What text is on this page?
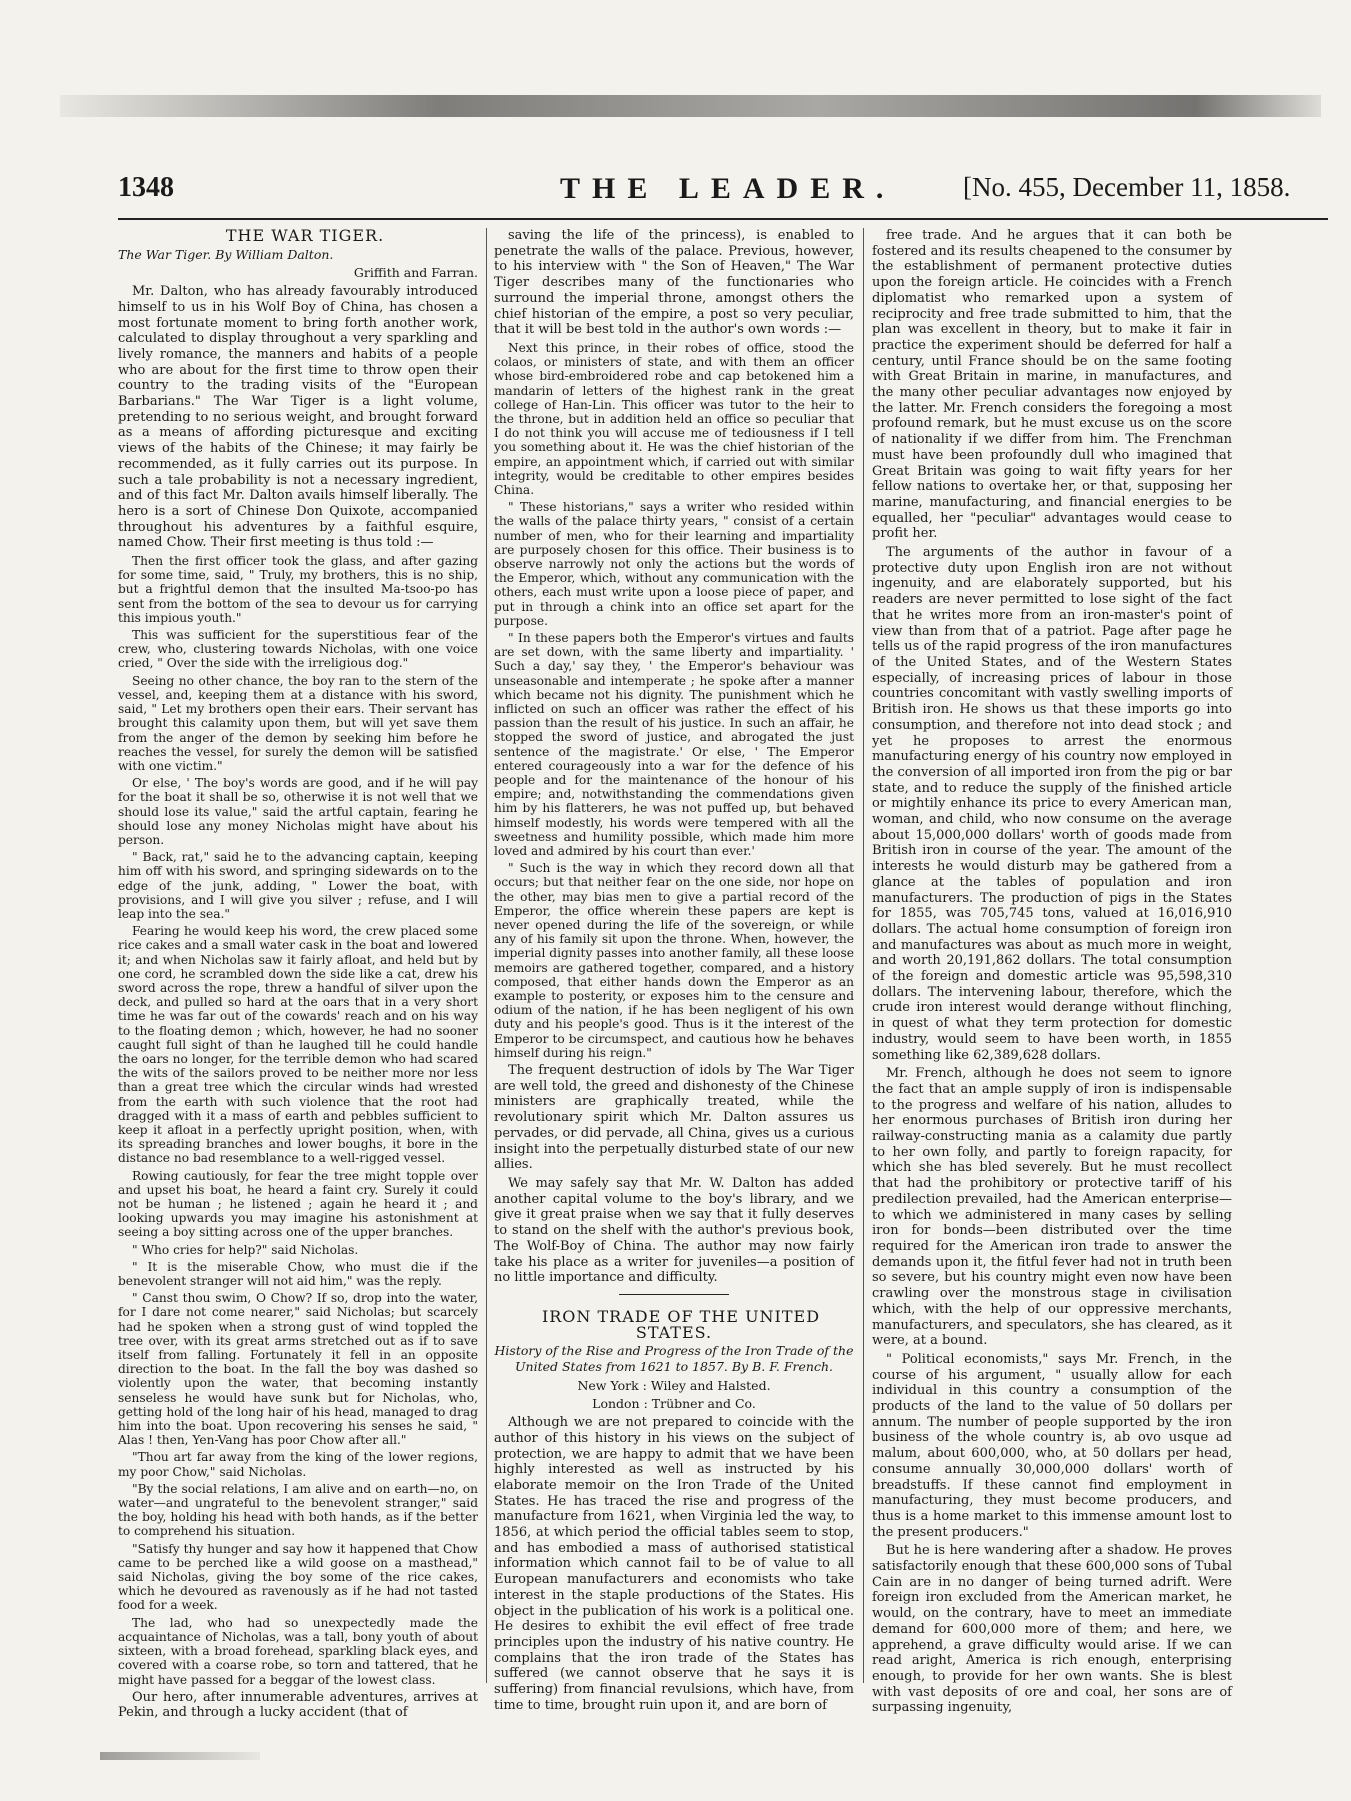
1348	THE LEADER.	[No. 455, December 11, 1858.

THE WAR TIGER.

The War Tiger. By William Dalton.

Griffith and Farran.

Mr. Dalton, who has already favourably introduced himself to us in his Wolf Boy of China, has chosen a most fortunate moment to bring forth another work, calculated to display throughout a very sparkling and lively romance, the manners and habits of a people who are about for the first time to throw open their country to the trading visits of the "European Barbarians." The War Tiger is a light volume, pretending to no serious weight, and brought forward as a means of affording picturesque and exciting views of the habits of the Chinese; it may fairly be recommended, as it fully carries out its purpose. In such a tale probability is not a necessary ingredient, and of this fact Mr. Dalton avails himself liberally. The hero is a sort of Chinese Don Quixote, accompanied throughout his adventures by a faithful esquire, named Chow. Their first meeting is thus told :—

Then the first officer took the glass, and after gazing for some time, said, " Truly, my brothers, this is no ship, but a frightful demon that the insulted Ma-tsoo-po has sent from the bottom of the sea to devour us for carrying this impious youth."

This was sufficient for the superstitious fear of the crew, who, clustering towards Nicholas, with one voice cried, " Over the side with the irreligious dog."

Seeing no other chance, the boy ran to the stern of the vessel, and, keeping them at a distance with his sword, said, " Let my brothers open their ears. Their servant has brought this calamity upon them, but will yet save them from the anger of the demon by seeking him before he reaches the vessel, for surely the demon will be satisfied with one victim."

Or else, ' The boy's words are good, and if he will pay for the boat it shall be so, otherwise it is not well that we should lose its value," said the artful captain, fearing he should lose any money Nicholas might have about his person.

" Back, rat," said he to the advancing captain, keeping him off with his sword, and springing sidewards on to the edge of the junk, adding, " Lower the boat, with provisions, and I will give you silver ; refuse, and I will leap into the sea."

Fearing he would keep his word, the crew placed some rice cakes and a small water cask in the boat and lowered it; and when Nicholas saw it fairly afloat, and held but by one cord, he scrambled down the side like a cat, drew his sword across the rope, threw a handful of silver upon the deck, and pulled so hard at the oars that in a very short time he was far out of the cowards' reach and on his way to the floating demon ; which, however, he had no sooner caught full sight of than he laughed till he could handle the oars no longer, for the terrible demon who had scared the wits of the sailors proved to be neither more nor less than a great tree which the circular winds had wrested from the earth with such violence that the root had dragged with it a mass of earth and pebbles sufficient to keep it afloat in a perfectly upright position, when, with its spreading branches and lower boughs, it bore in the distance no bad resemblance to a well-rigged vessel.

Rowing cautiously, for fear the tree might topple over and upset his boat, he heard a faint cry. Surely it could not be human ; he listened ; again he heard it ; and looking upwards you may imagine his astonishment at seeing a boy sitting across one of the upper branches.

" Who cries for help?" said Nicholas.

" It is the miserable Chow, who must die if the benevolent stranger will not aid him," was the reply.

" Canst thou swim, O Chow? If so, drop into the water, for I dare not come nearer," said Nicholas; but scarcely had he spoken when a strong gust of wind toppled the tree over, with its great arms stretched out as if to save itself from falling. Fortunately it fell in an opposite direction to the boat. In the fall the boy was dashed so violently upon the water, that becoming instantly senseless he would have sunk but for Nicholas, who, getting hold of the long hair of his head, managed to drag him into the boat. Upon recovering his senses he said, " Alas ! then, Yen-Vang has poor Chow after all."

"Thou art far away from the king of the lower regions, my poor Chow," said Nicholas.

"By the social relations, I am alive and on earth—no, on water—and ungrateful to the benevolent stranger," said the boy, holding his head with both hands, as if the better to comprehend his situation.

"Satisfy thy hunger and say how it happened that Chow came to be perched like a wild goose on a masthead," said Nicholas, giving the boy some of the rice cakes, which he devoured as ravenously as if he had not tasted food for a week.

The lad, who had so unexpectedly made the acquaintance of Nicholas, was a tall, bony youth of about sixteen, with a broad forehead, sparkling black eyes, and covered with a coarse robe, so torn and tattered, that he might have passed for a beggar of the lowest class.

Our hero, after innumerable adventures, arrives at Pekin, and through a lucky accident (that of

saving the life of the princess), is enabled to penetrate the walls of the palace. Previous, however, to his interview with " the Son of Heaven," The War Tiger describes many of the functionaries who surround the imperial throne, amongst others the chief historian of the empire, a post so very peculiar, that it will be best told in the author's own words :—

Next this prince, in their robes of office, stood the colaos, or ministers of state, and with them an officer whose bird-embroidered robe and cap betokened him a mandarin of letters of the highest rank in the great college of Han-Lin. This officer was tutor to the heir to the throne, but in addition held an office so peculiar that I do not think you will accuse me of tediousness if I tell you something about it. He was the chief historian of the empire, an appointment which, if carried out with similar integrity, would be creditable to other empires besides China.

" These historians," says a writer who resided within the walls of the palace thirty years, " consist of a certain number of men, who for their learning and impartiality are purposely chosen for this office. Their business is to observe narrowly not only the actions but the words of the Emperor, which, without any communication with the others, each must write upon a loose piece of paper, and put in through a chink into an office set apart for the purpose.

" In these papers both the Emperor's virtues and faults are set down, with the same liberty and impartiality. ' Such a day,' say they, ' the Emperor's behaviour was unseasonable and intemperate ; he spoke after a manner which became not his dignity. The punishment which he inflicted on such an officer was rather the effect of his passion than the result of his justice. In such an affair, he stopped the sword of justice, and abrogated the just sentence of the magistrate.' Or else, ' The Emperor entered courageously into a war for the defence of his people and for the maintenance of the honour of his empire; and, notwithstanding the commendations given him by his flatterers, he was not puffed up, but behaved himself modestly, his words were tempered with all the sweetness and humility possible, which made him more loved and admired by his court than ever.'

" Such is the way in which they record down all that occurs; but that neither fear on the one side, nor hope on the other, may bias men to give a partial record of the Emperor, the office wherein these papers are kept is never opened during the life of the sovereign, or while any of his family sit upon the throne. When, however, the imperial dignity passes into another family, all these loose memoirs are gathered together, compared, and a history composed, that either hands down the Emperor as an example to posterity, or exposes him to the censure and odium of the nation, if he has been negligent of his own duty and his people's good. Thus is it the interest of the Emperor to be circumspect, and cautious how he behaves himself during his reign."

The frequent destruction of idols by The War Tiger are well told, the greed and dishonesty of the Chinese ministers are graphically treated, while the revolutionary spirit which Mr. Dalton assures us pervades, or did pervade, all China, gives us a curious insight into the perpetually disturbed state of our new allies.

We may safely say that Mr. W. Dalton has added another capital volume to the boy's library, and we give it great praise when we say that it fully deserves to stand on the shelf with the author's previous book, The Wolf-Boy of China. The author may now fairly take his place as a writer for juveniles—a position of no little importance and difficulty.

IRON TRADE OF THE UNITED STATES.

History of the Rise and Progress of the Iron Trade of the United States from 1621 to 1857. By B. F. French.

New York : Wiley and Halsted.

London : Trübner and Co.

Although we are not prepared to coincide with the author of this history in his views on the subject of protection, we are happy to admit that we have been highly interested as well as instructed by his elaborate memoir on the Iron Trade of the United States. He has traced the rise and progress of the manufacture from 1621, when Virginia led the way, to 1856, at which period the official tables seem to stop, and has embodied a mass of authorised statistical information which cannot fail to be of value to all European manufacturers and economists who take interest in the staple productions of the States. His object in the publication of his work is a political one. He desires to exhibit the evil effect of free trade principles upon the industry of his native country. He complains that the iron trade of the States has suffered (we cannot observe that he says it is suffering) from financial revulsions, which have, from time to time, brought ruin upon it, and are born of

free trade. And he argues that it can both be fostered and its results cheapened to the consumer by the establishment of permanent protective duties upon the foreign article. He coincides with a French diplomatist who remarked upon a system of reciprocity and free trade submitted to him, that the plan was excellent in theory, but to make it fair in practice the experiment should be deferred for half a century, until France should be on the same footing with Great Britain in marine, in manufactures, and the many other peculiar advantages now enjoyed by the latter. Mr. French considers the foregoing a most profound remark, but he must excuse us on the score of nationality if we differ from him. The Frenchman must have been profoundly dull who imagined that Great Britain was going to wait fifty years for her fellow nations to overtake her, or that, supposing her marine, manufacturing, and financial energies to be equalled, her "peculiar" advantages would cease to profit her.

The arguments of the author in favour of a protective duty upon English iron are not without ingenuity, and are elaborately supported, but his readers are never permitted to lose sight of the fact that he writes more from an iron-master's point of view than from that of a patriot. Page after page he tells us of the rapid progress of the iron manufactures of the United States, and of the Western States especially, of increasing prices of labour in those countries concomitant with vastly swelling imports of British iron. He shows us that these imports go into consumption, and therefore not into dead stock ; and yet he proposes to arrest the enormous manufacturing energy of his country now employed in the conversion of all imported iron from the pig or bar state, and to reduce the supply of the finished article or mightily enhance its price to every American man, woman, and child, who now consume on the average about 15,000,000 dollars' worth of goods made from British iron in course of the year. The amount of the interests he would disturb may be gathered from a glance at the tables of population and iron manufacturers. The production of pigs in the States for 1855, was 705,745 tons, valued at 16,016,910 dollars. The actual home consumption of foreign iron and manufactures was about as much more in weight, and worth 20,191,862 dollars. The total consumption of the foreign and domestic article was 95,598,310 dollars. The intervening labour, therefore, which the crude iron interest would derange without flinching, in quest of what they term protection for domestic industry, would seem to have been worth, in 1855 something like 62,389,628 dollars.

Mr. French, although he does not seem to ignore the fact that an ample supply of iron is indispensable to the progress and welfare of his nation, alludes to her enormous purchases of British iron during her railway-constructing mania as a calamity due partly to her own folly, and partly to foreign rapacity, for which she has bled severely. But he must recollect that had the prohibitory or protective tariff of his predilection prevailed, had the American enterprise—to which we administered in many cases by selling iron for bonds—been distributed over the time required for the American iron trade to answer the demands upon it, the fitful fever had not in truth been so severe, but his country might even now have been crawling over the monstrous stage in civilisation which, with the help of our oppressive merchants, manufacturers, and speculators, she has cleared, as it were, at a bound.

" Political economists," says Mr. French, in the course of his argument, " usually allow for each individual in this country a consumption of the products of the land to the value of 50 dollars per annum. The number of people supported by the iron business of the whole country is, ab ovo usque ad malum, about 600,000, who, at 50 dollars per head, consume annually 30,000,000 dollars' worth of breadstuffs. If these cannot find employment in manufacturing, they must become producers, and thus is a home market to this immense amount lost to the present producers."

But he is here wandering after a shadow. He proves satisfactorily enough that these 600,000 sons of Tubal Cain are in no danger of being turned adrift. Were foreign iron excluded from the American market, he would, on the contrary, have to meet an immediate demand for 600,000 more of them; and here, we apprehend, a grave difficulty would arise. If we can read aright, America is rich enough, enterprising enough, to provide for her own wants. She is blest with vast deposits of ore and coal, her sons are of surpassing ingenuity,
